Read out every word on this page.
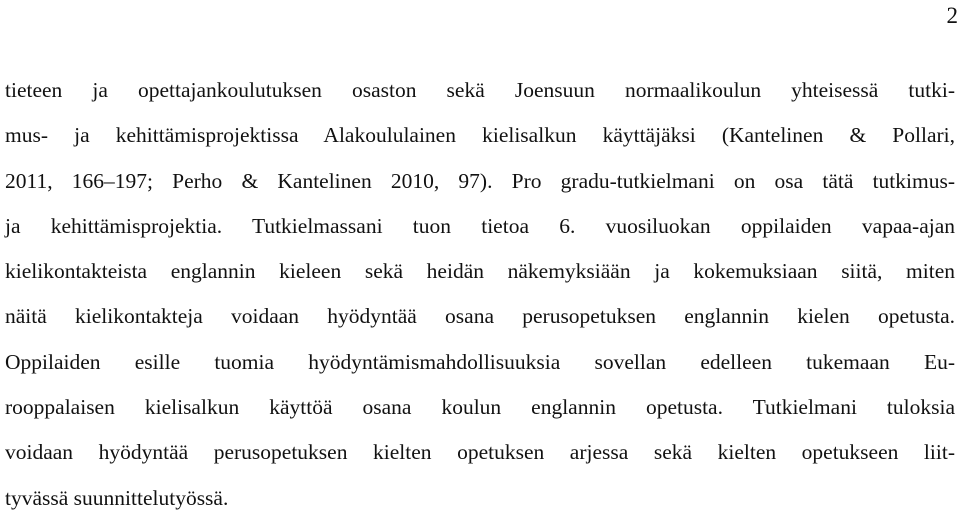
2
tieteen ja opettajankoulutuksen osaston sekä Joensuun normaalikoulun yhteisessä tutki-
mus- ja kehittämisprojektissa Alakoululainen kielisalkun käyttäjäksi (Kantelinen & Pollari,
2011, 166–197; Perho & Kantelinen 2010, 97). Pro gradu-tutkielmani on osa tätä tutkimus-
ja kehittämisprojektia. Tutkielmassani tuon tietoa 6. vuosiluokan oppilaiden vapaa-ajan
kielikontakteista englannin kieleen sekä heidän näkemyksiään ja kokemuksiaan siitä, miten
näitä kielikontakteja voidaan hyödyntää osana perusopetuksen englannin kielen opetusta.
Oppilaiden esille tuomia hyödyntämismahdollisuuksia sovellan edelleen tukemaan Eu-
rooppalaisen kielisalkun käyttöä osana koulun englannin opetusta. Tutkielmani tuloksia
voidaan hyödyntää perusopetuksen kielten opetuksen arjessa sekä kielten opetukseen liit-
tyvässä suunnittelutyössä.
